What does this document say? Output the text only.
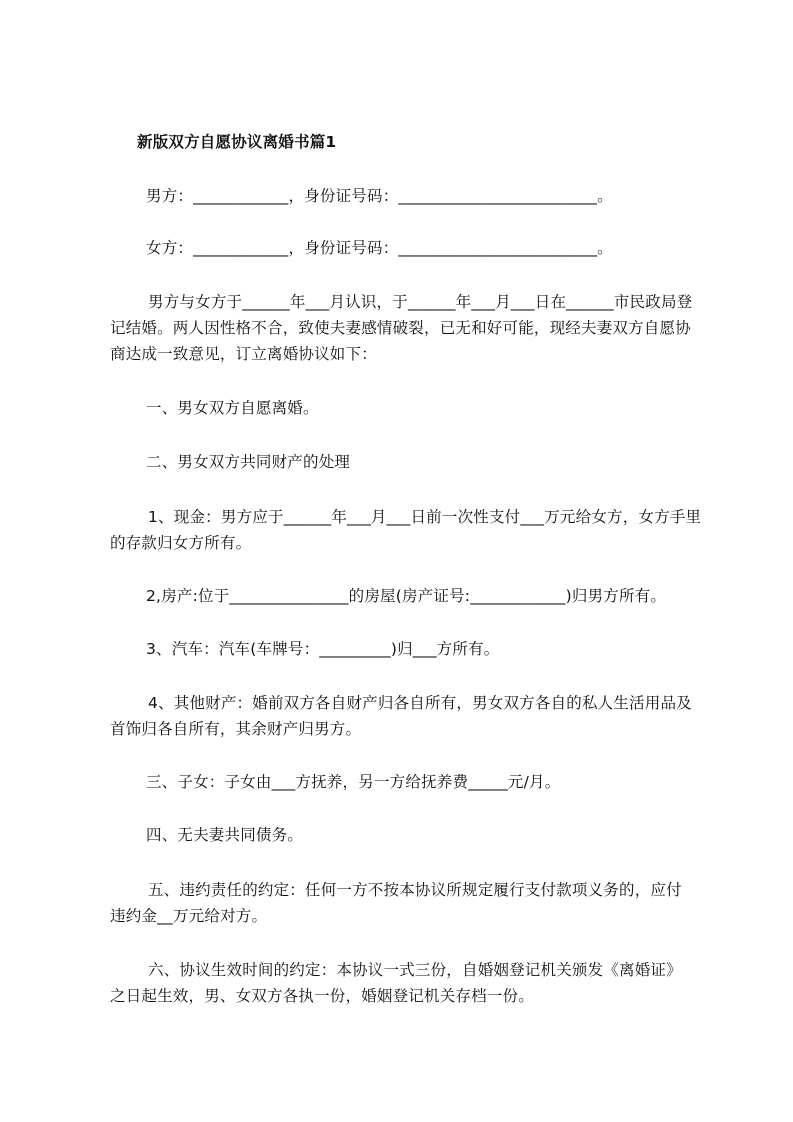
新版双方自愿协议离婚书篇1
男方：____________，身份证号码：_________________________。
女方：____________，身份证号码：_________________________。
男方与女方于______年___月认识，于______年___月___日在______市民政局登
记结婚。两人因性格不合，致使夫妻感情破裂，已无和好可能，现经夫妻双方自愿协
商达成一致意见，订立离婚协议如下：
一、男女双方自愿离婚。
二、男女双方共同财产的处理
1、现金：男方应于______年___月___日前一次性支付___万元给女方，女方手里
的存款归女方所有。
2,房产:位于_______________的房屋(房产证号:____________)归男方所有。
3、汽车：汽车(车牌号：_________)归___方所有。
4、其他财产：婚前双方各自财产归各自所有，男女双方各自的私人生活用品及
首饰归各自所有，其余财产归男方。
三、子女：子女由___方抚养，另一方给抚养费_____元/月。
四、无夫妻共同债务。
五、违约责任的约定：任何一方不按本协议所规定履行支付款项义务的，应付
违约金__万元给对方。
六、协议生效时间的约定：本协议一式三份，自婚姻登记机关颁发《离婚证》
之日起生效，男、女双方各执一份，婚姻登记机关存档一份。
